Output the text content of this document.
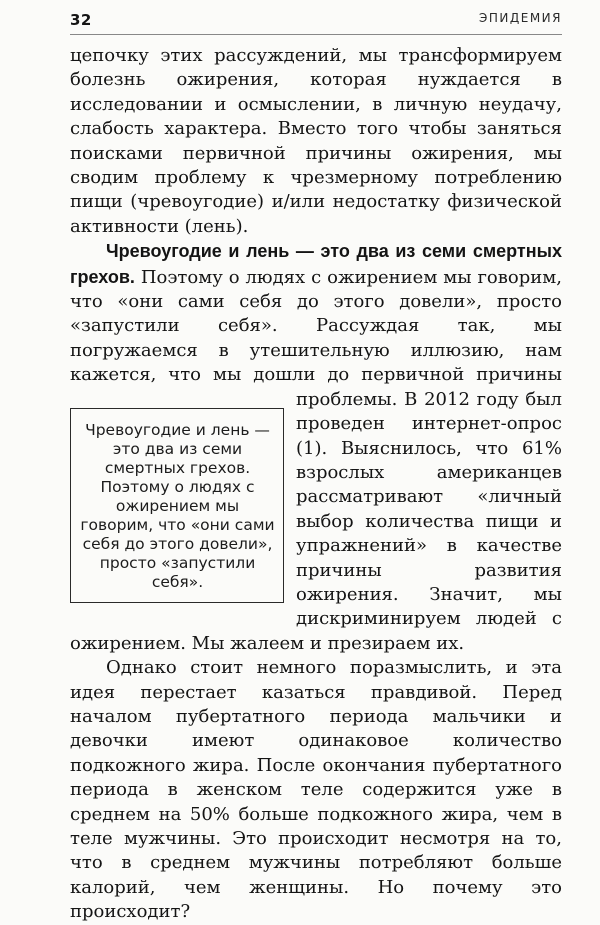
32	ЭПИДЕМИЯ

цепочку этих рассуждений, мы трансформируем болезнь ожирения, которая нуждается в исследовании и осмыслении, в личную неудачу, слабость характера. Вместо того чтобы заняться поисками первичной причины ожирения, мы сводим проблему к чрезмерному потреблению пищи (чревоугодие) и/или недостатку физической активности (лень).

Чревоугодие и лень — это два из семи смертных грехов. Поэтому о людях с ожирением мы говорим, что «они сами себя до этого довели», просто «запустили себя». Рассуждая так, мы погружаемся в утешительную иллюзию, нам кажется, что мы дошли до первичной причины
Чревоугодие и лень — это два из семи смертных грехов. Поэтому о людях с ожирением мы говорим, что «они сами себя до этого довели», просто «запустили себя».
проблемы. В 2012 году был проведен интернет-опрос (1). Выяснилось, что 61% взрослых американцев рассматривают «личный выбор количества пищи и упражнений» в качестве причины развития ожирения. Значит, мы дискриминируем людей с ожирением. Мы жалеем и презираем их.

Однако стоит немного поразмыслить, и эта идея перестает казаться правдивой. Перед началом пубертатного периода мальчики и девочки имеют одинаковое количество подкожного жира. После окончания пубертатного периода в женском теле содержится уже в среднем на 50% больше подкожного жира, чем в теле мужчины. Это происходит несмотря на то, что в среднем мужчины потребляют больше калорий, чем женщины. Но почему это происходит?
